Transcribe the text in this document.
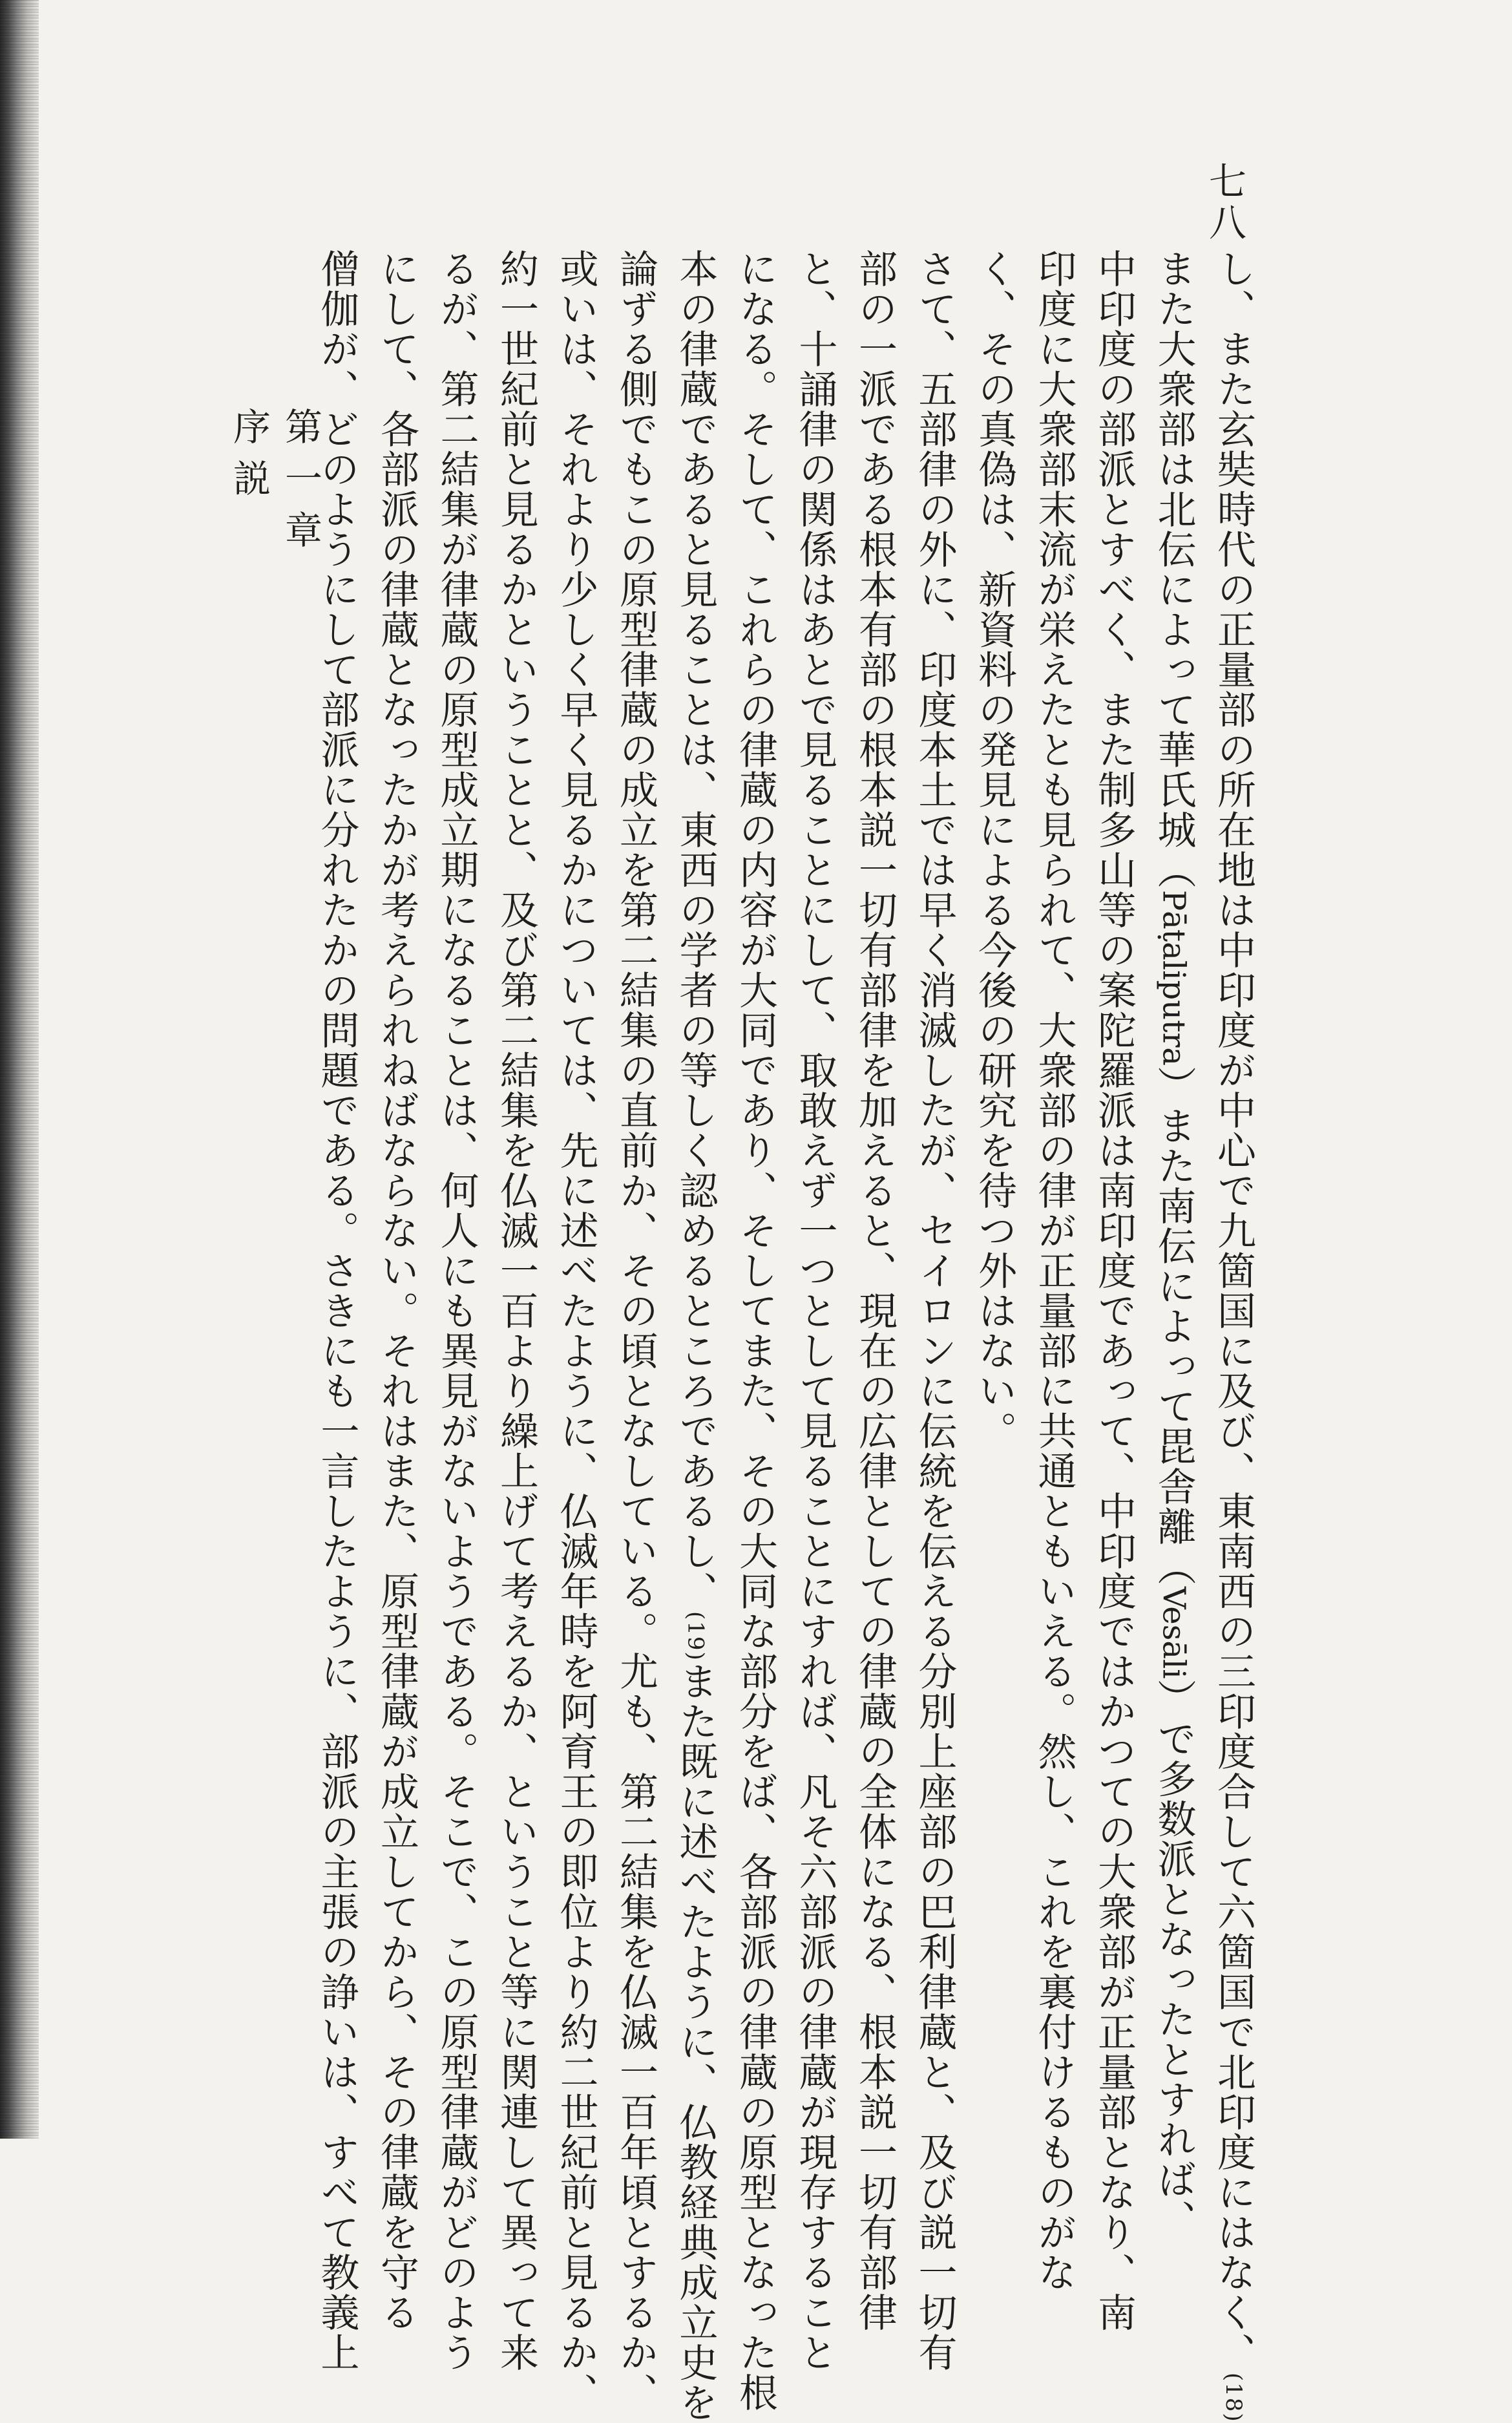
七八
第一章 序説	し、また玄奘時代の正量部の所在地は中印度が中心で九箇国に及び、東南西の三印度合して六箇国で北印度にはなく、(18)

また大衆部は北伝によって華氏城（Pāṭaliputra）また南伝によって毘舎離（Vesāli）で多数派となったとすれば、

中印度の部派とすべく、また制多山等の案陀羅派は南印度であって、中印度ではかつての大衆部が正量部となり、南

印度に大衆部末流が栄えたとも見られて、大衆部の律が正量部に共通ともいえる。然し、これを裏付けるものがな

く、その真偽は、新資料の発見による今後の研究を待つ外はない。

さて、五部律の外に、印度本土では早く消滅したが、セイロンに伝統を伝える分別上座部の巴利律蔵と、及び説一切有

部の一派である根本有部の根本説一切有部律を加えると、現在の広律としての律蔵の全体になる、根本説一切有部律

と、十誦律の関係はあとで見ることにして、取敢えず一つとして見ることにすれば、凡そ六部派の律蔵が現存すること

になる。そして、これらの律蔵の内容が大同であり、そしてまた、その大同な部分をば、各部派の律蔵の原型となった根

本の律蔵であると見ることは、東西の学者の等しく認めるところであるし、(19)また既に述べたように、仏教経典成立史を

論ずる側でもこの原型律蔵の成立を第二結集の直前か、その頃となしている。尤も、第二結集を仏滅一百年頃とするか、

或いは、それより少しく早く見るかについては、先に述べたように、仏滅年時を阿育王の即位より約二世紀前と見るか、

約一世紀前と見るかということと、及び第二結集を仏滅一百より繰上げて考えるか、ということ等に関連して異って来

るが、第二結集が律蔵の原型成立期になることは、何人にも異見がないようである。そこで、この原型律蔵がどのよう

にして、各部派の律蔵となったかが考えられねばならない。それはまた、原型律蔵が成立してから、その律蔵を守る

僧伽が、どのようにして部派に分れたかの問題である。さきにも一言したように、部派の主張の諍いは、すべて教義上
